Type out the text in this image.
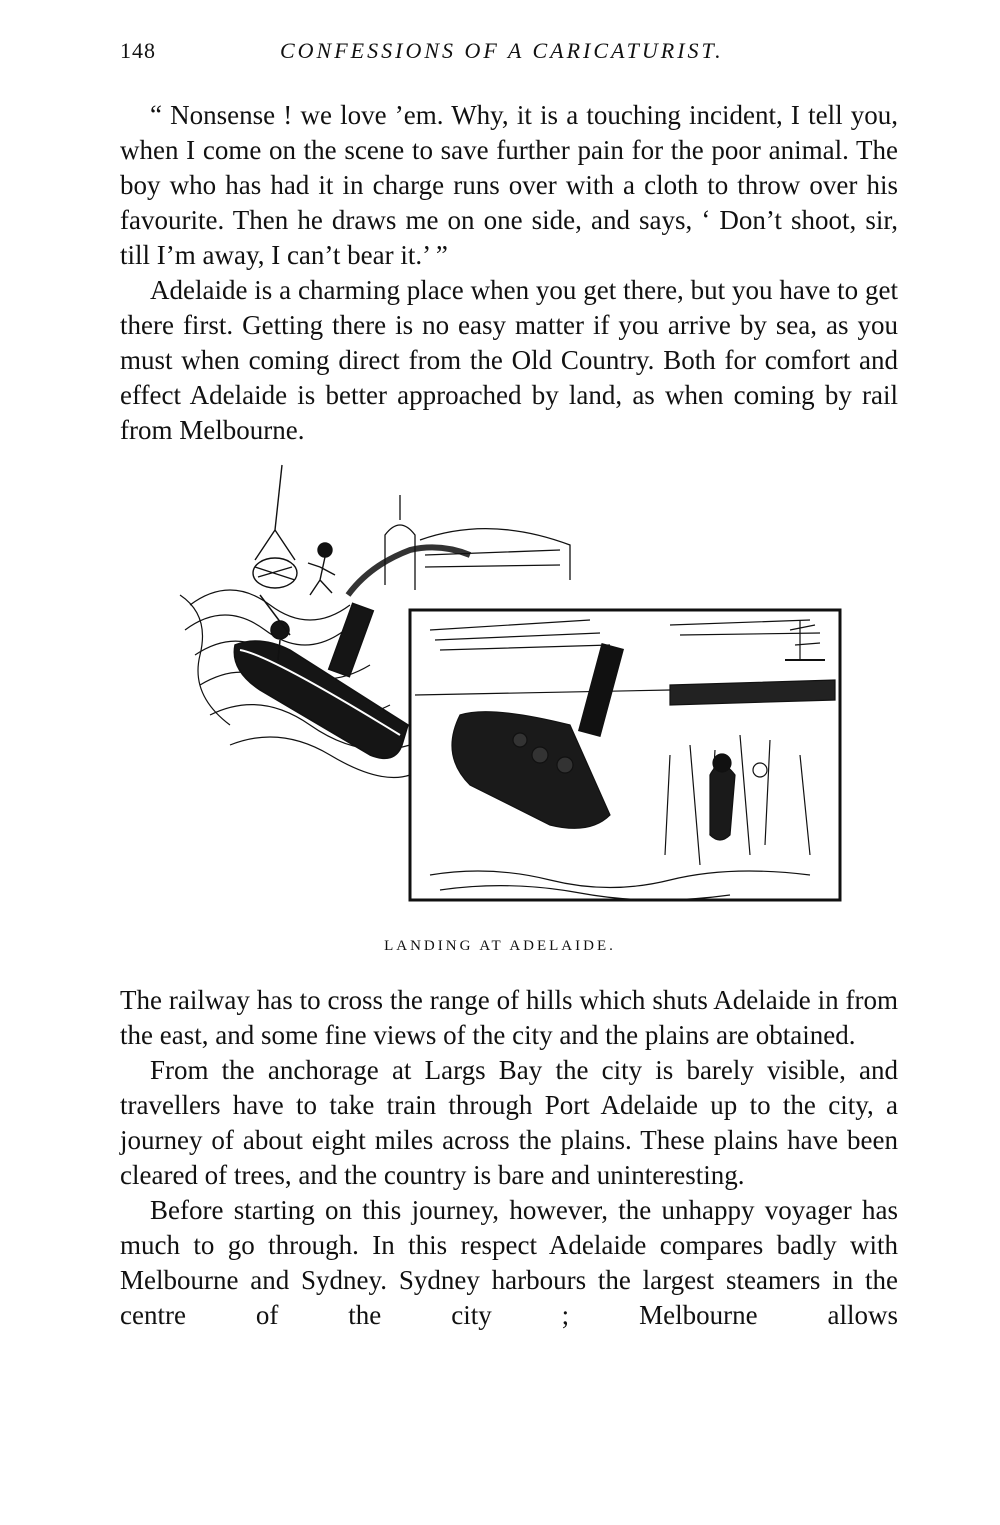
148	CONFESSIONS OF A CARICATURIST.

“ Nonsense ! we love ’em. Why, it is a touching incident, I tell you, when I come on the scene to save further pain for the poor animal. The boy who has had it in charge runs over with a cloth to throw over his favourite. Then he draws me on one side, and says, ‘ Don’t shoot, sir, till I’m away, I can’t bear it.’ ”

Adelaide is a charming place when you get there, but you have to get there first. Getting there is no easy matter if you arrive by sea, as you must when coming direct from the Old Country. Both for comfort and effect Adelaide is better approached by land, as when coming by rail from Melbourne.

LANDING AT ADELAIDE.

The railway has to cross the range of hills which shuts Adelaide in from the east, and some fine views of the city and the plains are obtained.

From the anchorage at Largs Bay the city is barely visible, and travellers have to take train through Port Adelaide up to the city, a journey of about eight miles across the plains. These plains have been cleared of trees, and the country is bare and uninteresting.

Before starting on this journey, however, the unhappy voyager has much to go through. In this respect Adelaide compares badly with Melbourne and Sydney. Sydney harbours the largest steamers in the centre of the city ; Melbourne allows
